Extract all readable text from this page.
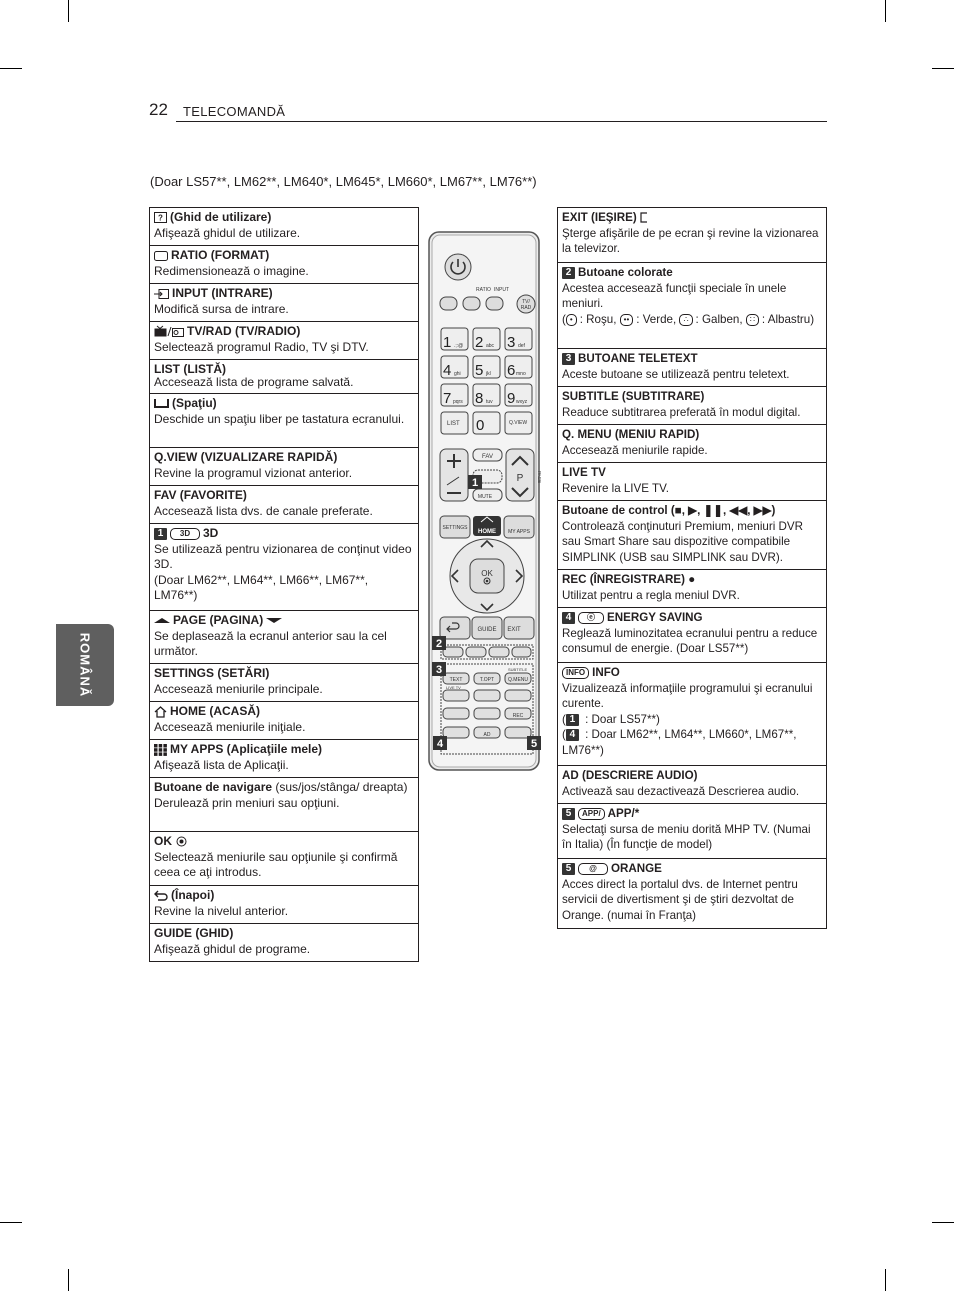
22 TELECOMANDĂ
(Doar LS57**, LM62**, LM640*, LM645*, LM660*, LM67**, LM76**)
ROMÂNĂ
? (Ghid de utilizare)
Afişează ghidul de utilizare.
RATIO (FORMAT)
Redimensionează o imagine.
INPUT (INTRARE)
Modifică sursa de intrare.
TV/RAD (TV/RADIO)
Selectează programul Radio, TV şi DTV.
LIST (LISTĂ)
Accesează lista de programe salvată.
(Spaţiu)
Deschide un spaţiu liber pe tastatura ecranului.
Q.VIEW (VIZUALIZARE RAPIDĂ)
Revine la programul vizionat anterior.
FAV (FAVORITE)
Accesează lista dvs. de canale preferate.
1 3D 3D
Se utilizează pentru vizionarea de conţinut video 3D.
(Doar LM62**, LM64**, LM66**, LM67**, LM76**)
PAGE (PAGINA)
Se deplasează la ecranul anterior sau la cel următor.
SETTINGS (SETĂRI)
Accesează meniurile principale.
HOME (ACASĂ)
Accesează meniurile iniţiale.
MY APPS (Aplicaţiile mele)
Afişează lista de Aplicaţii.
Butoane de navigare (sus/jos/stânga/ dreapta)
Derulează prin meniuri sau opţiuni.
OK
Selectează meniurile sau opţiunile şi confirmă ceea ce aţi introdus.
(Înapoi)
Revine la nivelul anterior.
GUIDE (GHID)
Afişează ghidul de programe.
EXIT (IEŞIRE)
Şterge afişările de pe ecran şi revine la vizionarea la televizor.
2 Butoane colorate
Acestea accesează funcţii speciale în unele meniuri.
( • : Roşu, •• : Verde, ∴ : Galben, ∷ : Albastru)
3 BUTOANE TELETEXT
Aceste butoane se utilizează pentru teletext.
SUBTITLE (SUBTITRARE)
Readuce subtitrarea preferată în modul digital.
Q. MENU (MENIU RAPID)
Accesează meniurile rapide.
LIVE TV
Revenire la LIVE TV.
Butoane de control (■, ▶, ❚❚, ◀◀, ▶▶)
Controlează conţinuturi Premium, meniuri DVR sau Smart Share sau dispozitive compatibile SIMPLINK (USB sau SIMPLINK sau DVR).
REC (ÎNREGISTRARE) ●
Utilizat pentru a regla meniul DVR.
4 ⓔ ENERGY SAVING
Reglează luminozitatea ecranului pentru a reduce consumul de energie. (Doar LS57**)
INFO INFO
Vizualizează informaţiile programului şi ecranului curente.
( 1 : Doar LS57**)
( 4 : Doar LM62**, LM64**, LM660*, LM67**, LM76**)
AD (DESCRIERE AUDIO)
Activează sau dezactivează Descrierea audio.
5 APP/ APP/*
Selectaţi sursa de meniu dorită MHP TV. (Numai în Italia) (În funcţie de model)
5 @ ORANGE
Acces direct la portalul dvs. de Internet pentru servicii de divertisment şi de ştiri dezvoltat de Orange. (numai în Franţa)
RATIO INPUT
TV/
RAD
1 2 3
4 5 6
7 8 9
0
.;:@	abc	def
ghi	jkl	mno
pqrs	tuv	wxyz
LIST	Q.VIEW
P	PAGE
FAV
MUTE
1
SETTINGS
HOME MY APPS
OK
GUIDE EXIT
2
SUBTITLE
TEXT	T.OPT	Q.MENU
LIVE TV
REC
AD
3
4	5
